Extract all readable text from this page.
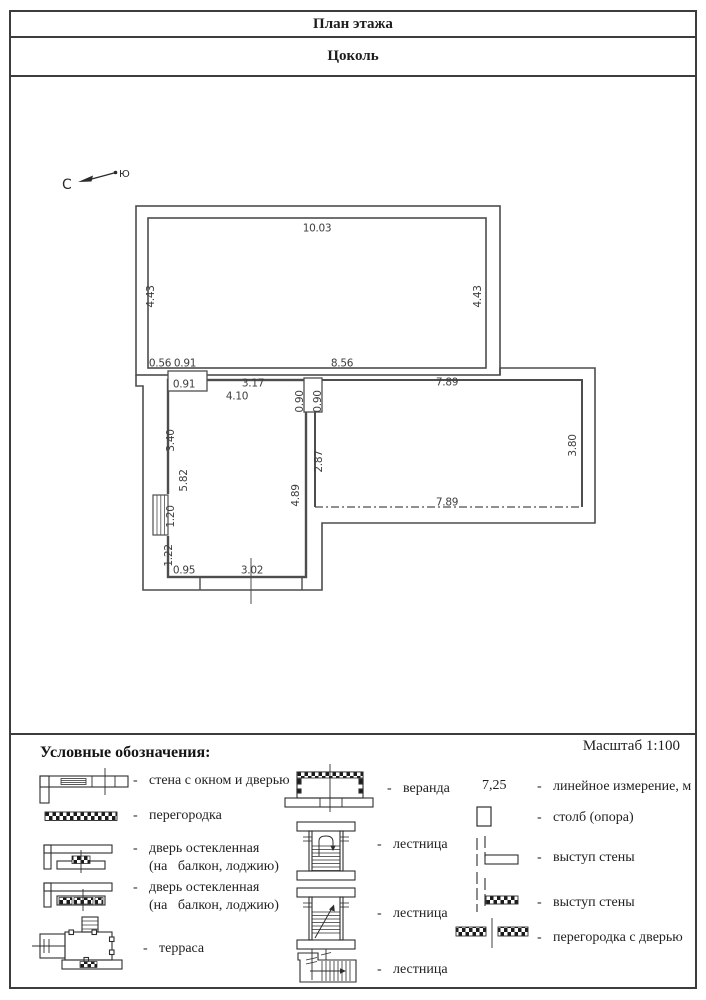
План этажа
Цоколь
С
Ю
10.03
4.43	4.43
0.56 0.91	8.56
0.91	3.17
4.10
7.89
0.90 0.90
3.40
5.82
2.87
4.89
3.80
7.89
1.20
1.22
0.95	3.02
Условные обозначения:	Масштаб 1:100
- стена с окном и дверью
- перегородка
- дверь остекленная
(на   балкон, лоджию)
- дверь остекленная
(на   балкон, лоджию)
- терраса
- веранда
- лестница
- лестница
- лестница
7,25 - линейное измерение, м
- столб (опора)
- выступ стены
- выступ стены
- перегородка с дверью
